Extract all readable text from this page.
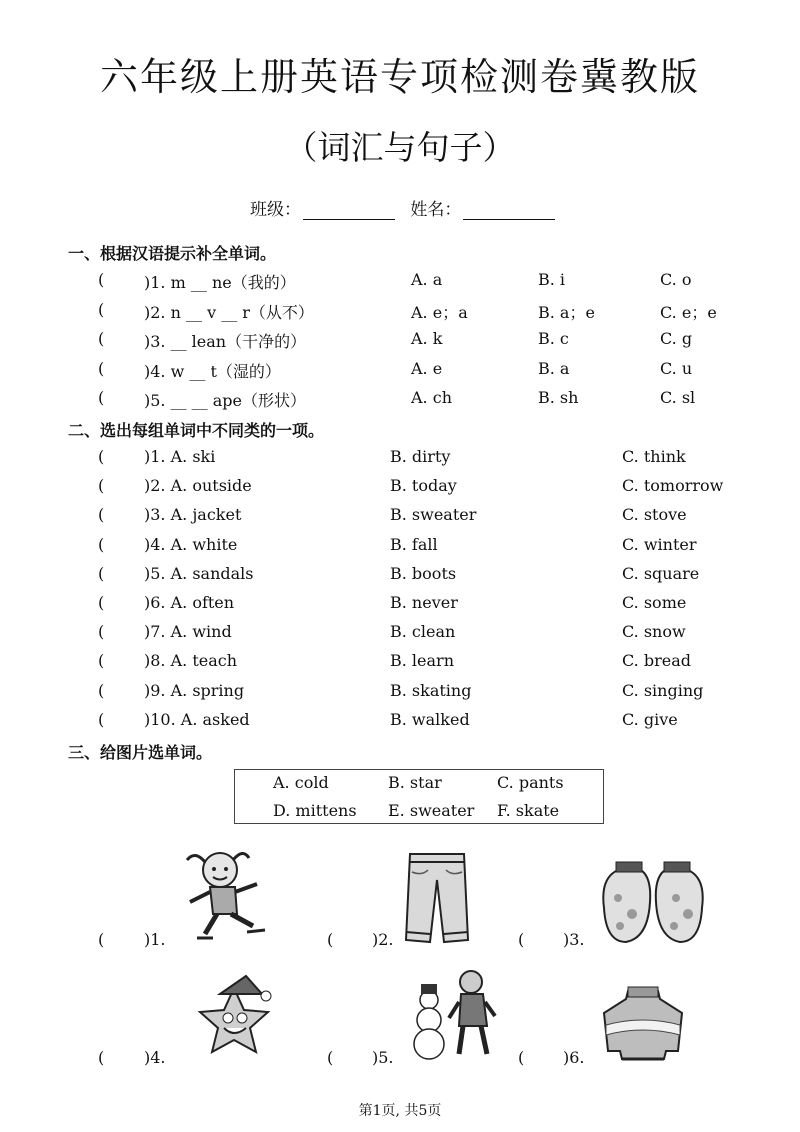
六年级上册英语专项检测卷冀教版
（词汇与句子）
班级：	姓名：
一、根据汉语提示补全单词。
( )1. m __ ne（我的）	A. a	B. i	C. o
( )2. n __ v __ r（从不）	A. e；a	B. a；e	C. e；e
( )3. __ lean（干净的）	A. k	B. c	C. g
( )4. w __ t（湿的）	A. e	B. a	C. u
( )5. __ __ ape（形状）	A. ch	B. sh	C. sl
二、选出每组单词中不同类的一项。
( )1. A. ski	B. dirty	C. think
( )2. A. outside	B. today	C. tomorrow
( )3. A. jacket	B. sweater	C. stove
( )4. A. white	B. fall	C. winter
( )5. A. sandals	B. boots	C. square
( )6. A. often	B. never	C. some
( )7. A. wind	B. clean	C. snow
( )8. A. teach	B. learn	C. bread
( )9. A. spring	B. skating	C. singing
( )10. A. asked	B. walked	C. give
三、给图片选单词。
A. cold	B. star	C. pants
D. mittens E. sweater F. skate
( )1.	( )2.	( )3.
( )4.	( )5.	( )6.
第1页, 共5页
